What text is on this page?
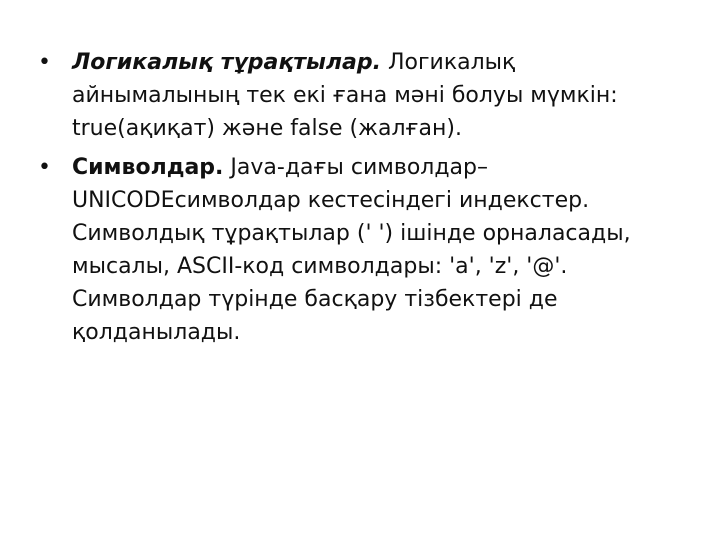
• Логикалық тұрақтылар. Логикалық айнымалының тек екі ғана мәні болуы мүмкін: true(ақиқат) және false (жалған).
• Символдар. Java-дағы символдар–UNICODEсимволдар кестесіндегі индекстер. Символдық тұрақтылар (' ') ішінде орналасады, мысалы, ASCII-код символдары: 'a', 'z', '@'. Символдар түрінде басқару тізбектері де қолданылады.
